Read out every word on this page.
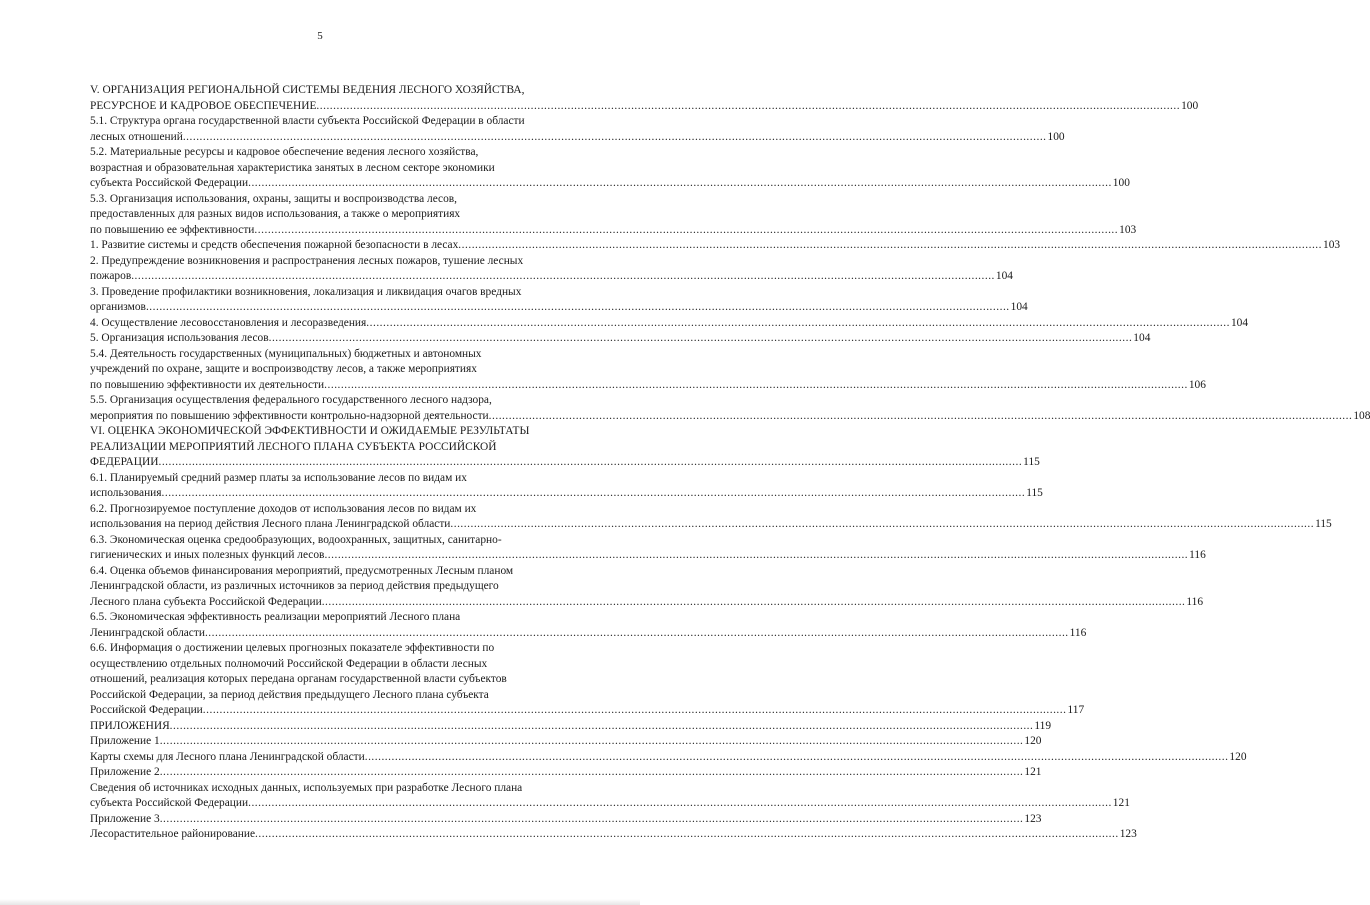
5
V. ОРГАНИЗАЦИЯ РЕГИОНАЛЬНОЙ СИСТЕМЫ ВЕДЕНИЯ ЛЕСНОГО ХОЗЯЙСТВА,
РЕСУРСНОЕ И КАДРОВОЕ ОБЕСПЕЧЕНИЕ .....	100
5.1. Структура органа государственной власти субъекта Российской Федерации в области
лесных отношений .....	100
5.2. Материальные ресурсы и кадровое обеспечение ведения лесного хозяйства,
возрастная и образовательная характеристика занятых в лесном секторе экономики
субъекта Российской Федерации .....	100
5.3. Организация использования, охраны, защиты и воспроизводства лесов,
предоставленных для разных видов использования, а также о мероприятиях
по повышению ее эффективности .....	103
1. Развитие системы и средств обеспечения пожарной безопасности в лесах .....	103
2. Предупреждение возникновения и распространения лесных пожаров, тушение лесных
пожаров .....	104
3. Проведение профилактики возникновения, локализация и ликвидация очагов вредных
организмов .....	104
4. Осуществление лесовосстановления и лесоразведения .....	104
5. Организация использования лесов .....	104
5.4. Деятельность государственных (муниципальных) бюджетных и автономных
учреждений по охране, защите и воспроизводству лесов, а также мероприятиях
по повышению эффективности их деятельности .....	106
5.5. Организация осуществления федерального государственного лесного надзора,
мероприятия по повышению эффективности контрольно-надзорной деятельности .....	108
VI. ОЦЕНКА ЭКОНОМИЧЕСКОЙ ЭФФЕКТИВНОСТИ И ОЖИДАЕМЫЕ РЕЗУЛЬТАТЫ
РЕАЛИЗАЦИИ МЕРОПРИЯТИЙ ЛЕСНОГО ПЛАНА СУБЪЕКТА РОССИЙСКОЙ
ФЕДЕРАЦИИ .....	115
6.1. Планируемый средний размер платы за использование лесов по видам их
использования .....	115
6.2. Прогнозируемое поступление доходов от использования лесов по видам их
использования на период действия Лесного плана Ленинградской области .....	115
6.3. Экономическая оценка средообразующих, водоохранных, защитных, санитарно-
гигиенических и иных полезных функций лесов .....	116
6.4. Оценка объемов финансирования мероприятий, предусмотренных Лесным планом
Ленинградской области, из различных источников за период действия предыдущего
Лесного плана субъекта Российской Федерации .....	116
6.5. Экономическая эффективность реализации мероприятий Лесного плана
Ленинградской области .....	116
6.6. Информация о достижении целевых прогнозных показателе эффективности по
осуществлению отдельных полномочий Российской Федерации в области лесных
отношений, реализация которых передана органам государственной власти субъектов
Российской Федерации, за период действия предыдущего Лесного плана субъекта
Российской Федерации .....	117
ПРИЛОЖЕНИЯ .....	119
Приложение 1 .....	120
Карты схемы для Лесного плана Ленинградской области .....	120
Приложение 2 .....	121
Сведения об источниках исходных данных, используемых при разработке Лесного плана
субъекта Российской Федерации .....	121
Приложение 3 .....	123
Лесорастительное районирование .....	123
